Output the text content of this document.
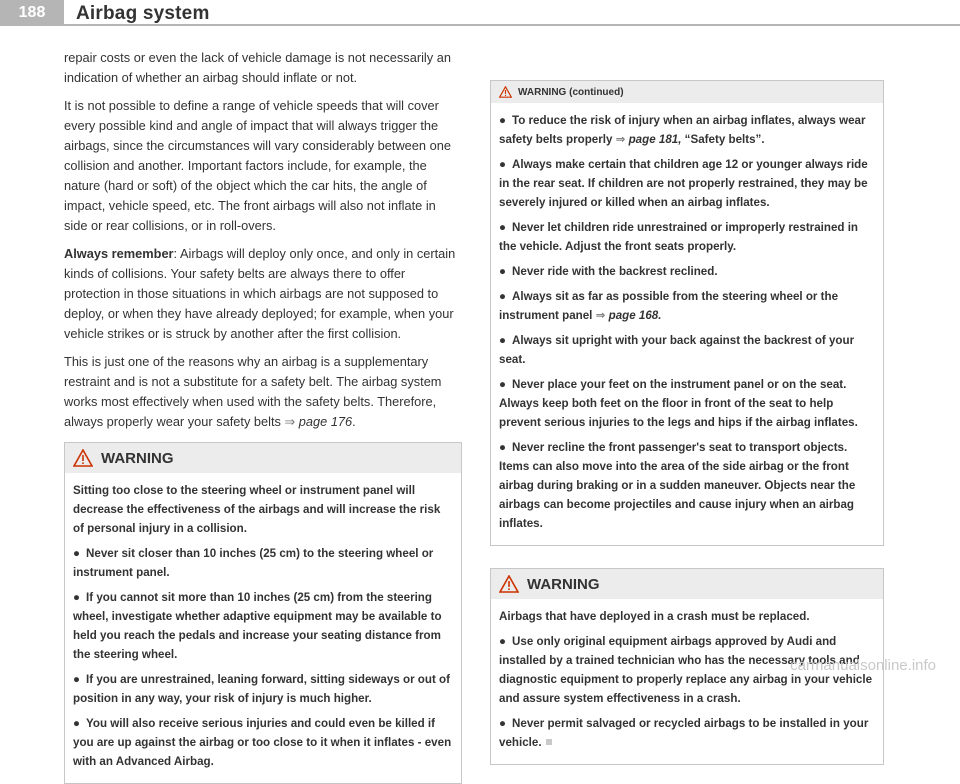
188	Airbag system

repair costs or even the lack of vehicle damage is not necessarily an indication of whether an airbag should inflate or not.

It is not possible to define a range of vehicle speeds that will cover every possible kind and angle of impact that will always trigger the airbags, since the circumstances will vary considerably between one collision and another. Important factors include, for example, the nature (hard or soft) of the object which the car hits, the angle of impact, vehicle speed, etc. The front airbags will also not inflate in side or rear collisions, or in roll-overs.

Always remember: Airbags will deploy only once, and only in certain kinds of collisions. Your safety belts are always there to offer protection in those situations in which airbags are not supposed to deploy, or when they have already deployed; for example, when your vehicle strikes or is struck by another after the first collision.

This is just one of the reasons why an airbag is a supplementary restraint and is not a substitute for a safety belt. The airbag system works most effectively when used with the safety belts. Therefore, always properly wear your safety belts ⇒ page 176.

WARNING

Sitting too close to the steering wheel or instrument panel will decrease the effectiveness of the airbags and will increase the risk of personal injury in a collision.

● Never sit closer than 10 inches (25 cm) to the steering wheel or instrument panel.

● If you cannot sit more than 10 inches (25 cm) from the steering wheel, investigate whether adaptive equipment may be available to held you reach the pedals and increase your seating distance from the steering wheel.

● If you are unrestrained, leaning forward, sitting sideways or out of position in any way, your risk of injury is much higher.

● You will also receive serious injuries and could even be killed if you are up against the airbag or too close to it when it inflates - even with an Advanced Airbag.

WARNING (continued)

● To reduce the risk of injury when an airbag inflates, always wear safety belts properly ⇒ page 181, “Safety belts”.

● Always make certain that children age 12 or younger always ride in the rear seat. If children are not properly restrained, they may be severely injured or killed when an airbag inflates.

● Never let children ride unrestrained or improperly restrained in the vehicle. Adjust the front seats properly.

● Never ride with the backrest reclined.

● Always sit as far as possible from the steering wheel or the instrument panel ⇒ page 168.

● Always sit upright with your back against the backrest of your seat.

● Never place your feet on the instrument panel or on the seat. Always keep both feet on the floor in front of the seat to help prevent serious injuries to the legs and hips if the airbag inflates.

● Never recline the front passenger's seat to transport objects. Items can also move into the area of the side airbag or the front airbag during braking or in a sudden maneuver. Objects near the airbags can become projectiles and cause injury when an airbag inflates.

WARNING

Airbags that have deployed in a crash must be replaced.

● Use only original equipment airbags approved by Audi and installed by a trained technician who has the necessary tools and diagnostic equipment to properly replace any airbag in your vehicle and assure system effectiveness in a crash.

● Never permit salvaged or recycled airbags to be installed in your vehicle.

carmanualsonline.info
